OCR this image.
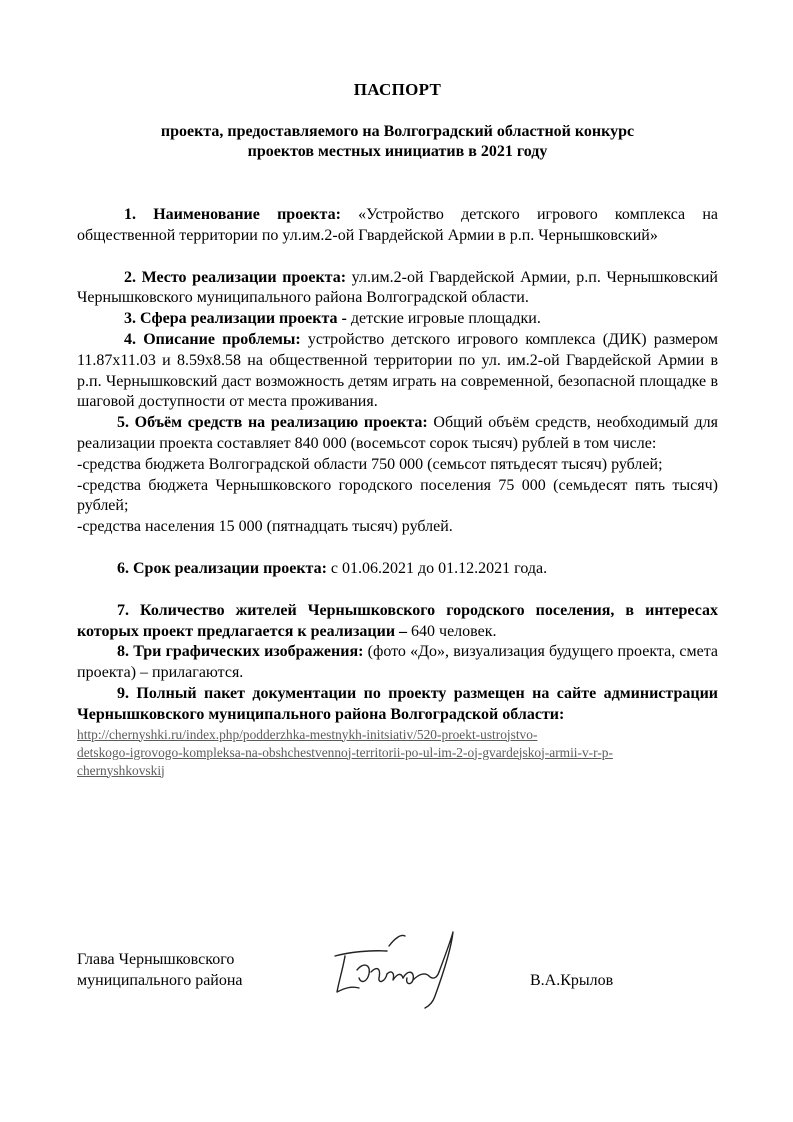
ПАСПОРТ
проекта, предоставляемого на Волгоградский областной конкурс
проектов местных инициатив в 2021 году

1. Наименование проекта: «Устройство детского игрового комплекса на общественной территории по ул.им.2-ой Гвардейской Армии в р.п. Чернышковский»

2. Место реализации проекта: ул.им.2-ой Гвардейской Армии, р.п. Чернышковский Чернышковского муниципального района Волгоградской области.

3. Сфера реализации проекта - детские игровые площадки.

4. Описание проблемы: устройство детского игрового комплекса (ДИК) размером 11.87x11.03 и 8.59x8.58 на общественной территории по ул. им.2-ой Гвардейской Армии в р.п. Чернышковский даст возможность детям играть на современной, безопасной площадке в шаговой доступности от места проживания.

5. Объём средств на реализацию проекта: Общий объём средств, необходимый для реализации проекта составляет 840 000 (восемьсот сорок тысяч) рублей в том числе:

-средства бюджета Волгоградской области 750 000 (семьсот пятьдесят тысяч) рублей;

-средства бюджета Чернышковского городского поселения 75 000 (семьдесят пять тысяч) рублей;

-средства населения 15 000 (пятнадцать тысяч) рублей.

6. Срок реализации проекта: с 01.06.2021 до 01.12.2021 года.

7. Количество жителей Чернышковского городского поселения, в интересах которых проект предлагается к реализации – 640 человек.

8. Три графических изображения: (фото «До», визуализация будущего проекта, смета проекта) – прилагаются.

9. Полный пакет документации по проекту размещен на сайте администрации Чернышковского муниципального района Волгоградской области:

http://chernyshki.ru/index.php/podderzhka-mestnykh-initsiativ/520-proekt-ustrojstvo-
detskogo-igrovogo-kompleksa-na-obshchestvennoj-territorii-po-ul-im-2-oj-gvardejskoj-armii-v-r-p-
chernyshkovskij
Глава Чернышковского
муниципального района	В.А.Крылов
